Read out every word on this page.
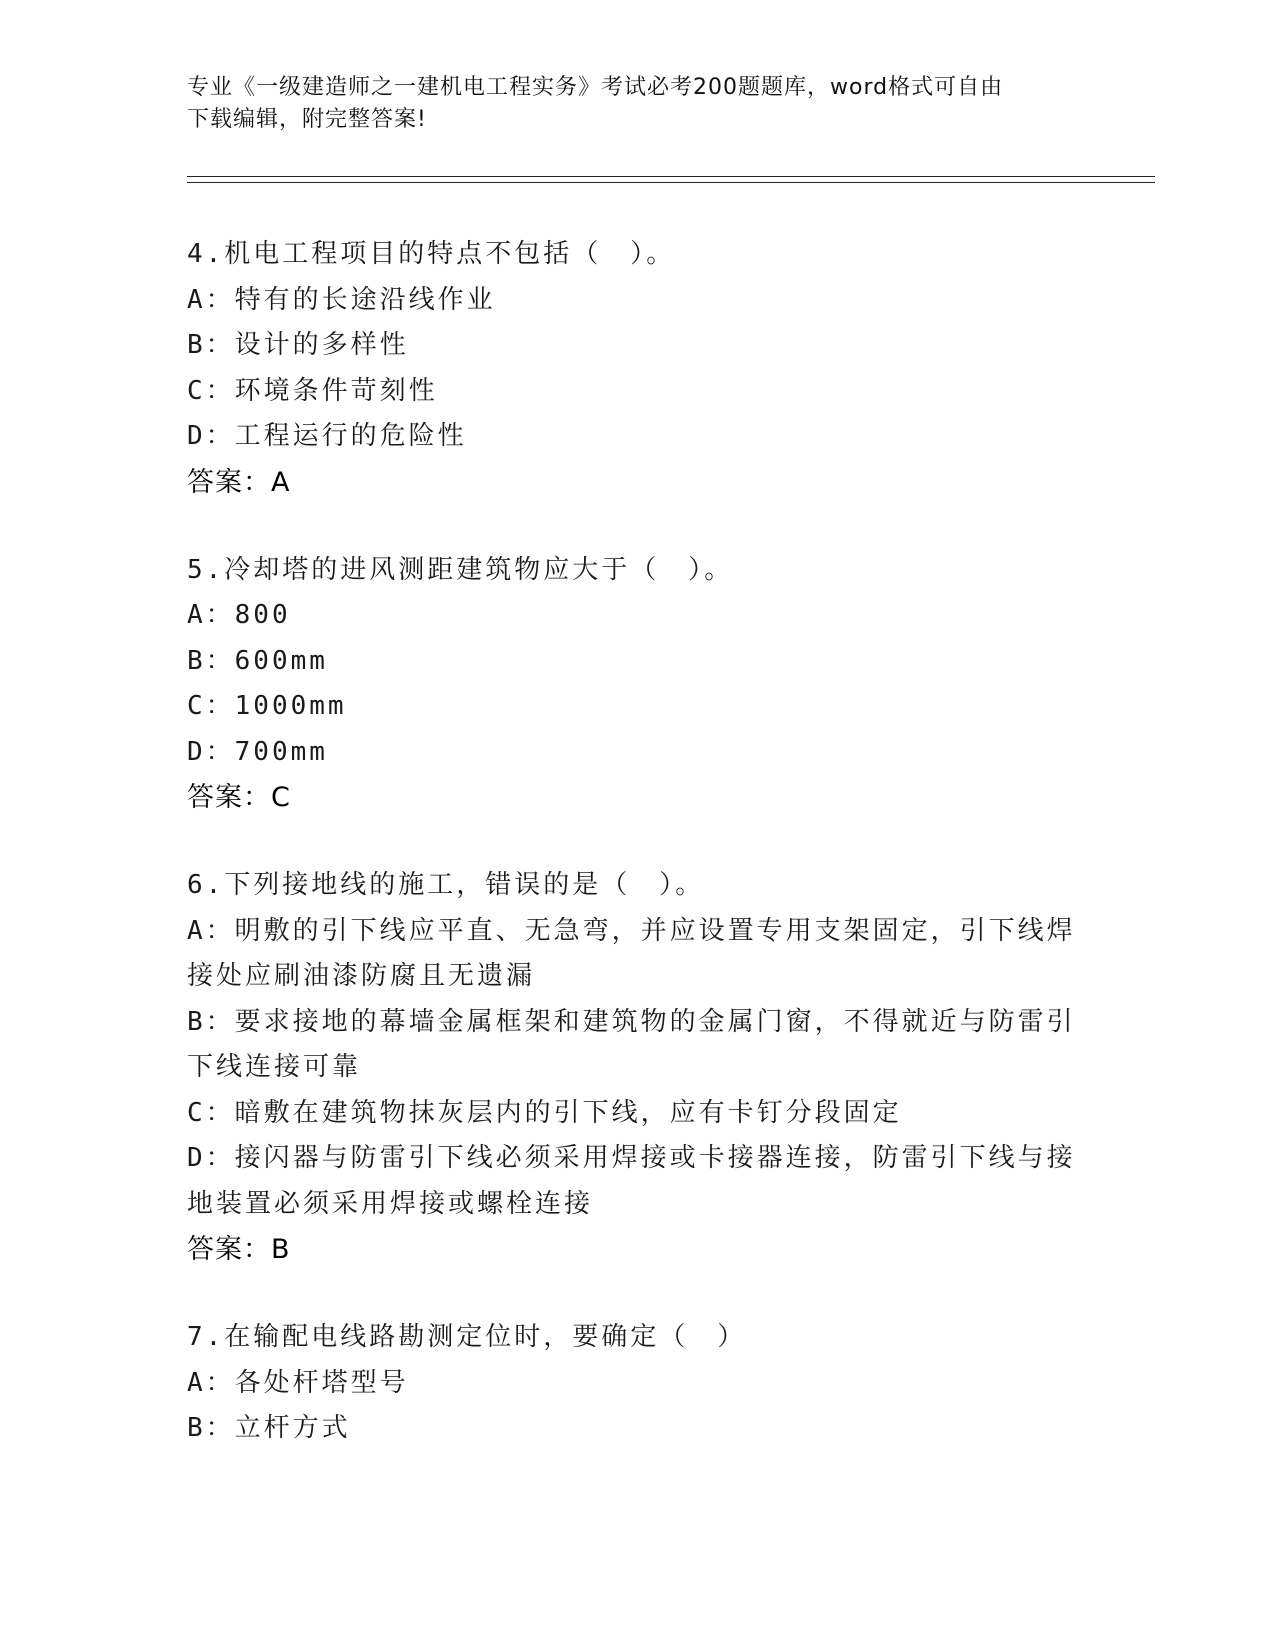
专业《一级建造师之一建机电工程实务》考试必考200题题库，word格式可自由
下载编辑，附完整答案!
4.机电工程项目的特点不包括（　）。
A：特有的长途沿线作业
B：设计的多样性
C：环境条件苛刻性
D：工程运行的危险性
答案：A
5.冷却塔的进风测距建筑物应大于（　）。
A：800
B：600mm
C：1000mm
D：700mm
答案：C
6.下列接地线的施工，错误的是（　）。
A：明敷的引下线应平直、无急弯，并应设置专用支架固定，引下线焊接处应刷油漆防腐且无遗漏
B：要求接地的幕墙金属框架和建筑物的金属门窗，不得就近与防雷引下线连接可靠
C：暗敷在建筑物抹灰层内的引下线，应有卡钉分段固定
D：接闪器与防雷引下线必须采用焊接或卡接器连接，防雷引下线与接地装置必须采用焊接或螺栓连接
答案：B
7.在输配电线路勘测定位时，要确定（　）
A：各处杆塔型号
B：立杆方式
